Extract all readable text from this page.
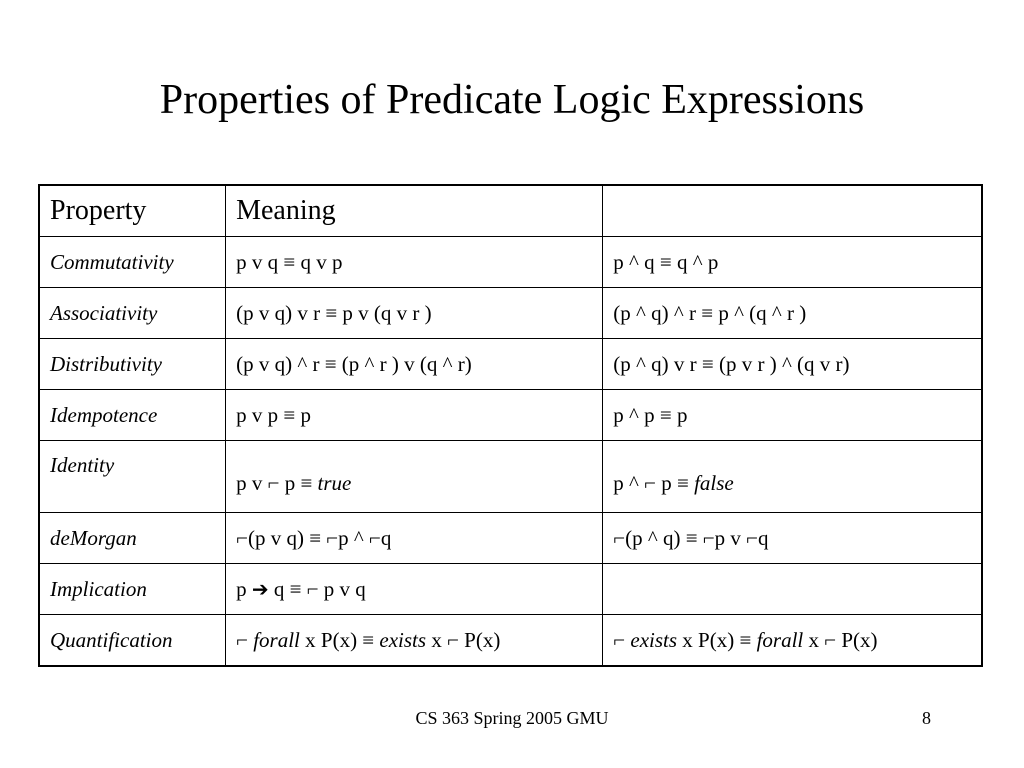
Properties of Predicate Logic Expressions
Property	Meaning	
Commutativity	p v q ≡ q v p	p ^ q ≡ q ^ p
Associativity	(p v q) v r ≡ p v (q v r )	(p ^ q) ^ r ≡ p ^ (q ^ r )
Distributivity	(p v q) ^ r ≡ (p ^ r ) v (q ^ r)	(p ^ q) v r ≡ (p v r ) ^ (q v r)
Idempotence	p v p ≡ p	p ^ p ≡ p
Identity	p v ⌐ p ≡ true	p ^ ⌐ p ≡ false
deMorgan	⌐(p v q) ≡ ⌐p ^ ⌐q	⌐(p ^ q) ≡ ⌐p v ⌐q
Implication	p ➔ q ≡ ⌐ p v q	
Quantification	⌐ forall x P(x) ≡ exists x ⌐ P(x)	⌐ exists x P(x) ≡ forall x ⌐ P(x)
CS 363 Spring 2005 GMU	8
